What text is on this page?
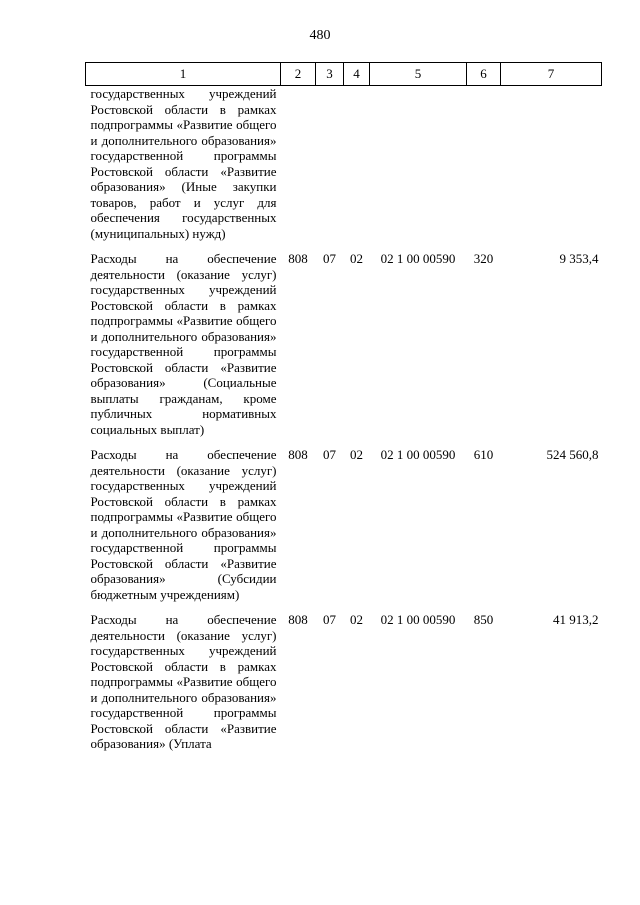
480
1	2	3	4	5	6	7
государственных учреждений Ростовской области в рамках подпрограммы «Развитие общего и дополнительного образования» государственной программы Ростовской области «Развитие образования» (Иные закупки товаров, работ и услуг для обеспечения государственных (муниципальных) нужд)						
Расходы на обеспечение деятельности (оказание услуг) государственных учреждений Ростовской области в рамках подпрограммы «Развитие общего и дополнительного образования» государственной программы Ростовской области «Развитие образования» (Социальные выплаты гражданам, кроме публичных нормативных социальных выплат)	808	07	02	02 1 00 00590	320	9 353,4
Расходы на обеспечение деятельности (оказание услуг) государственных учреждений Ростовской области в рамках подпрограммы «Развитие общего и дополнительного образования» государственной программы Ростовской области «Развитие образования» (Субсидии бюджетным учреждениям)	808	07	02	02 1 00 00590	610	524 560,8
Расходы на обеспечение деятельности (оказание услуг) государственных учреждений Ростовской области в рамках подпрограммы «Развитие общего и дополнительного образования» государственной программы Ростовской области «Развитие образования» (Уплата	808	07	02	02 1 00 00590	850	41 913,2
